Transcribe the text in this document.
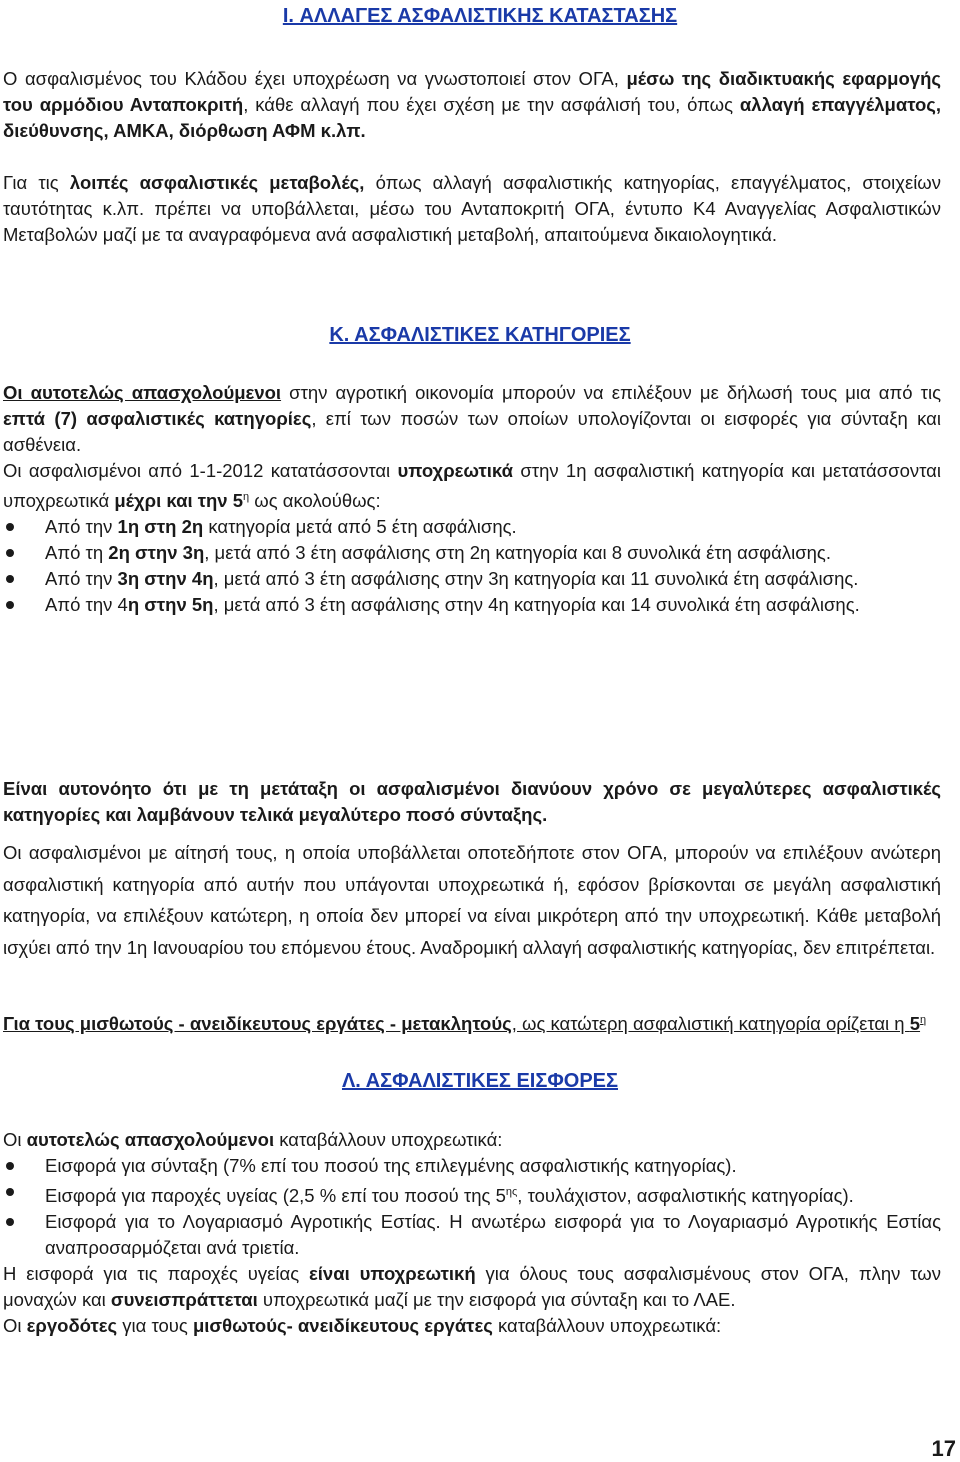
I. ΑΛΛΑΓΕΣ ΑΣΦΑΛΙΣΤΙΚΗΣ ΚΑΤΑΣΤΑΣΗΣ

Ο ασφαλισμένος του Κλάδου έχει υποχρέωση να γνωστοποιεί στον ΟΓΑ, μέσω της διαδικτυακής εφαρμογής του αρμόδιου Ανταποκριτή, κάθε αλλαγή που έχει σχέση με την ασφάλισή του, όπως αλλαγή επαγγέλματος, διεύθυνσης, ΑΜΚΑ, διόρθωση ΑΦΜ κ.λπ.

Για τις λοιπές ασφαλιστικές μεταβολές, όπως αλλαγή ασφαλιστικής κατηγορίας, επαγγέλματος, στοιχείων ταυτότητας κ.λπ. πρέπει να υποβάλλεται, μέσω του Ανταποκριτή ΟΓΑ, έντυπο Κ4 Αναγγελίας Ασφαλιστικών Μεταβολών μαζί με τα αναγραφόμενα ανά ασφαλιστική μεταβολή, απαιτούμενα δικαιολογητικά.

Κ. ΑΣΦΑΛΙΣΤΙΚΕΣ ΚΑΤΗΓΟΡΙΕΣ

Οι αυτοτελώς απασχολούμενοι στην αγροτική οικονομία μπορούν να επιλέξουν με δήλωσή τους μια από τις επτά (7) ασφαλιστικές κατηγορίες, επί των ποσών των οποίων υπολογίζονται οι εισφορές για σύνταξη και ασθένεια.

Οι ασφαλισμένοι από 1-1-2012 κατατάσσονται υποχρεωτικά στην 1η ασφαλιστική κατηγορία και μετατάσσονται υποχρεωτικά μέχρι και την $5^\eta$ ως ακολούθως:

Από την 1η στη 2η κατηγορία μετά από 5 έτη ασφάλισης.
Από τη 2η στην 3η, μετά από 3 έτη ασφάλισης στη 2η κατηγορία και 8 συνολικά έτη ασφάλισης.
Από την 3η στην 4η, μετά από 3 έτη ασφάλισης στην 3η κατηγορία και 11 συνολικά έτη ασφάλισης.
Από την 4η στην 5η, μετά από 3 έτη ασφάλισης στην 4η κατηγορία και 14 συνολικά έτη ασφάλισης.

Είναι αυτονόητο ότι με τη μετάταξη οι ασφαλισμένοι διανύουν χρόνο σε μεγαλύτερες ασφαλιστικές κατηγορίες και λαμβάνουν τελικά μεγαλύτερο ποσό σύνταξης.

Οι ασφαλισμένοι με αίτησή τους, η οποία υποβάλλεται οποτεδήποτε στον ΟΓΑ, μπορούν να επιλέξουν ανώτερη ασφαλιστική κατηγορία από αυτήν που υπάγονται υποχρεωτικά ή, εφόσον βρίσκονται σε μεγάλη ασφαλιστική κατηγορία, να επιλέξουν κατώτερη, η οποία δεν μπορεί να είναι μικρότερη από την υποχρεωτική. Κάθε μεταβολή ισχύει από την 1η Ιανουαρίου του επόμενου έτους. Αναδρομική αλλαγή ασφαλιστικής κατηγορίας, δεν επιτρέπεται.

Για τους μισθωτούς - ανειδίκευτους εργάτες - μετακλητούς, ως κατώτερη ασφαλιστική κατηγορία ορίζεται η $5^\eta$

Λ. ΑΣΦΑΛΙΣΤΙΚΕΣ ΕΙΣΦΟΡΕΣ

Οι αυτοτελώς απασχολούμενοι καταβάλλουν υποχρεωτικά:

Εισφορά για σύνταξη (7% επί του ποσού της επιλεγμένης ασφαλιστικής κατηγορίας).
Εισφορά για παροχές υγείας (2,5 % επί του ποσού της $5^{\eta\varsigma}$, τουλάχιστον, ασφαλιστικής κατηγορίας).
Εισφορά για το Λογαριασμό Αγροτικής Εστίας. Η ανωτέρω εισφορά για το Λογαριασμό Αγροτικής Εστίας αναπροσαρμόζεται ανά τριετία.

Η εισφορά για τις παροχές υγείας είναι υποχρεωτική για όλους τους ασφαλισμένους στον ΟΓΑ, πλην των μοναχών και συνεισπράττεται υποχρεωτικά μαζί με την εισφορά για σύνταξη και το ΛΑΕ.

Οι εργοδότες για τους μισθωτούς- ανειδίκευτους εργάτες καταβάλλουν υποχρεωτικά:

17
